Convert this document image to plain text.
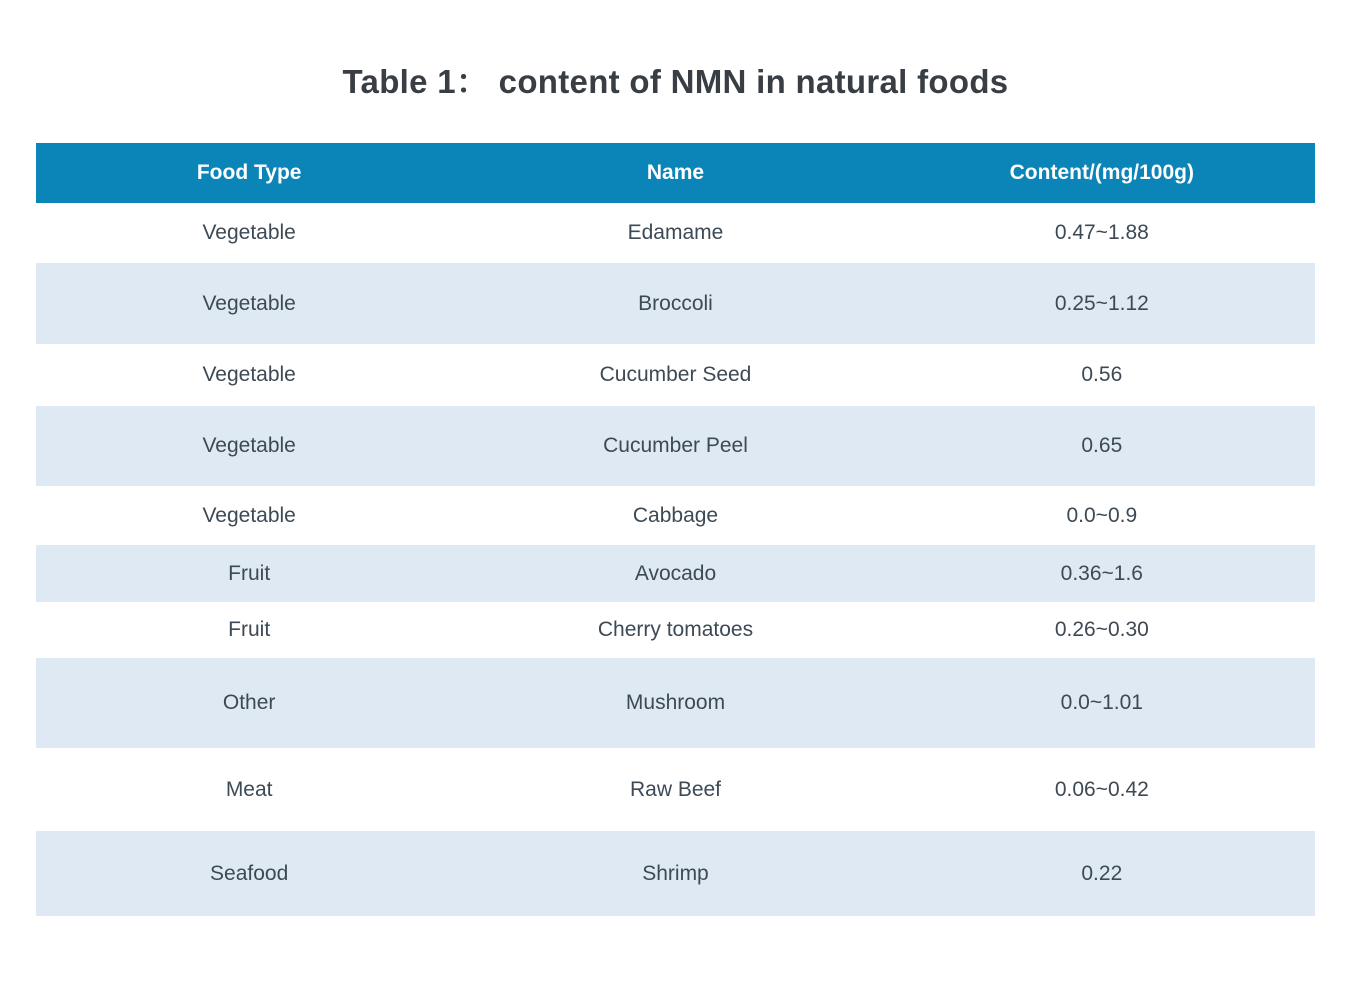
Table 1： content of NMN in natural foods
Food Type	Name	Content/(mg/100g)
Vegetable	Edamame	0.47~1.88
Vegetable	Broccoli	0.25~1.12
Vegetable	Cucumber Seed	0.56
Vegetable	Cucumber Peel	0.65
Vegetable	Cabbage	0.0~0.9
Fruit	Avocado	0.36~1.6
Fruit	Cherry tomatoes	0.26~0.30
Other	Mushroom	0.0~1.01
Meat	Raw Beef	0.06~0.42
Seafood	Shrimp	0.22
